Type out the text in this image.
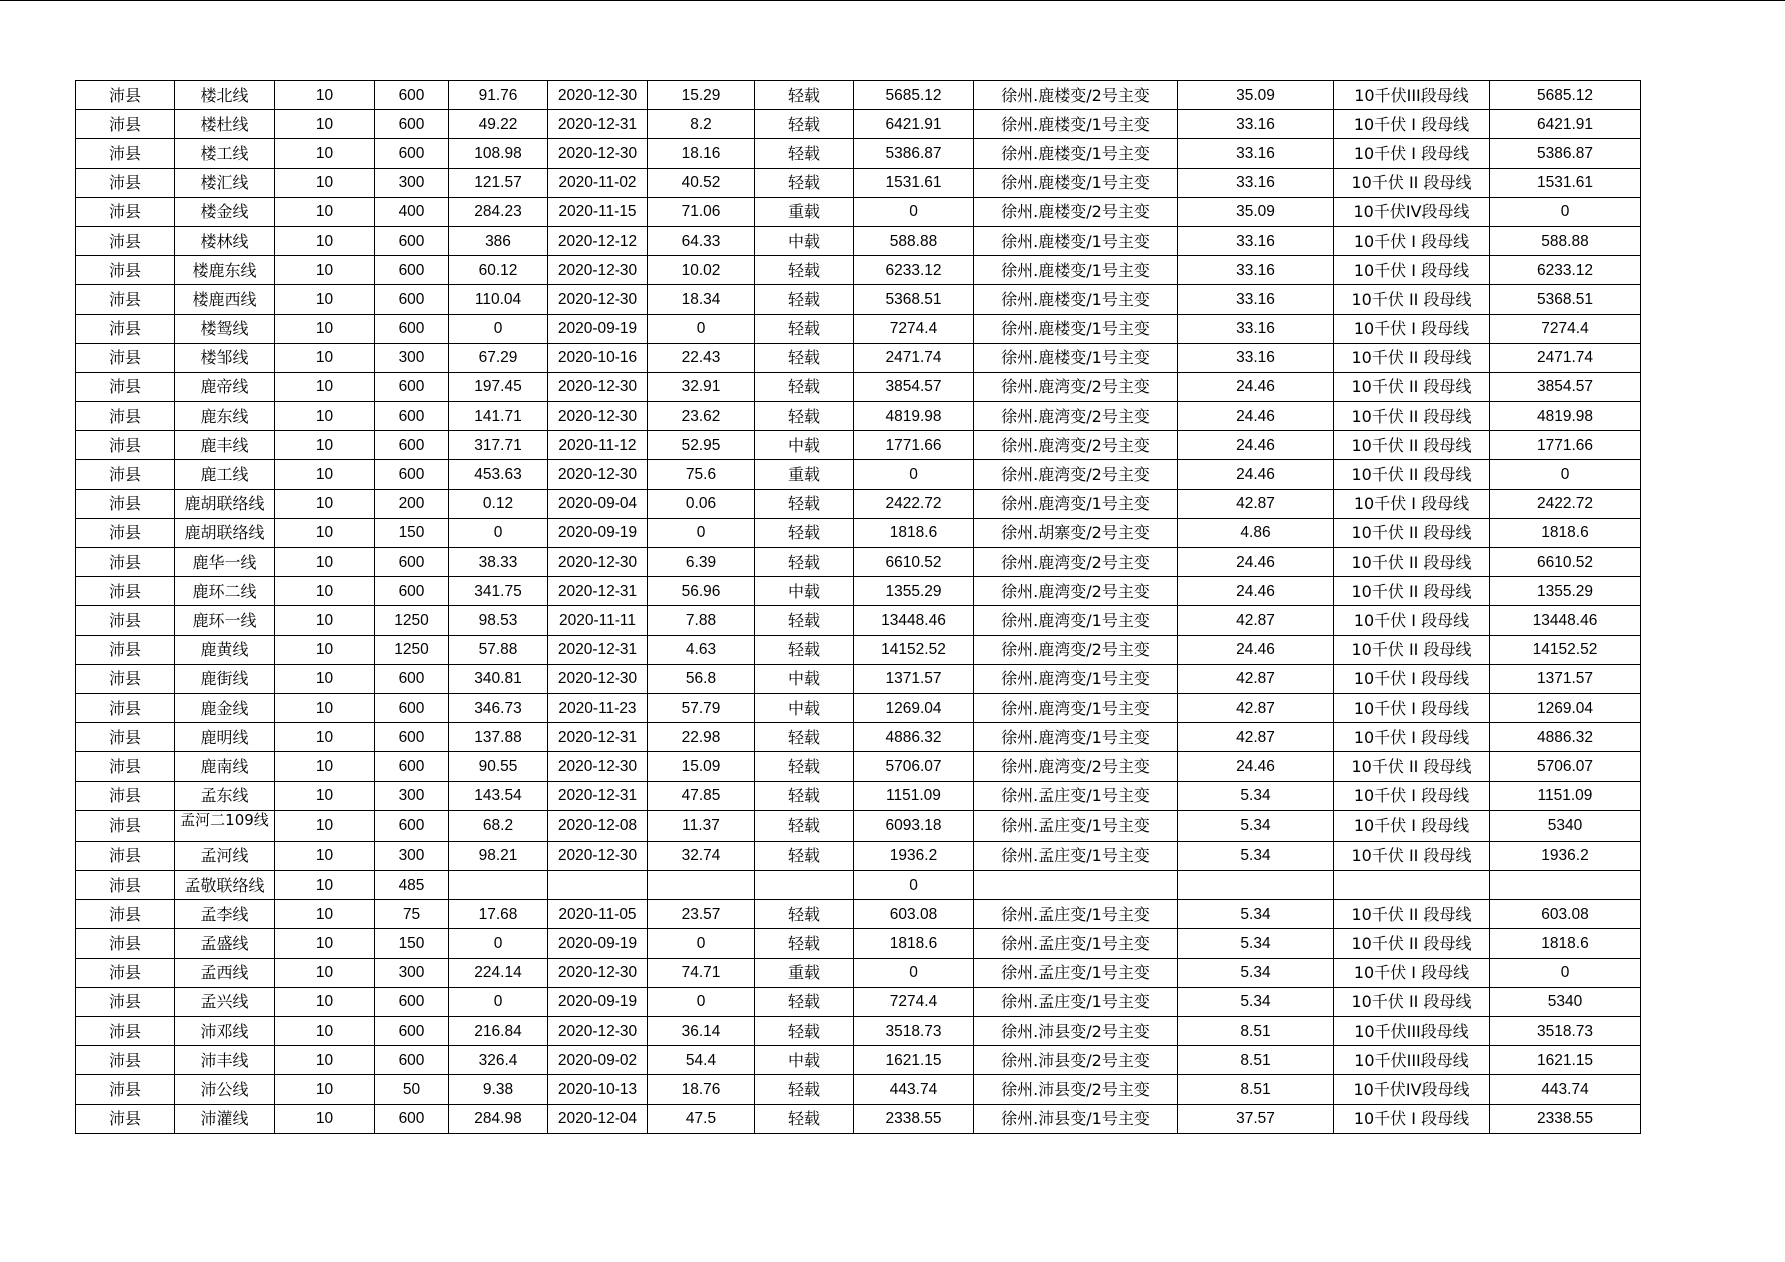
沛县	楼北线	10	600	91.76	2020-12-30	15.29	轻载	5685.12	徐州.鹿楼变/2号主变	35.09	10千伏III段母线	5685.12
沛县	楼杜线	10	600	49.22	2020-12-31	8.2	轻载	6421.91	徐州.鹿楼变/1号主变	33.16	10千伏 I 段母线	6421.91
沛县	楼工线	10	600	108.98	2020-12-30	18.16	轻载	5386.87	徐州.鹿楼变/1号主变	33.16	10千伏 I 段母线	5386.87
沛县	楼汇线	10	300	121.57	2020-11-02	40.52	轻载	1531.61	徐州.鹿楼变/1号主变	33.16	10千伏 II 段母线	1531.61
沛县	楼金线	10	400	284.23	2020-11-15	71.06	重载	0	徐州.鹿楼变/2号主变	35.09	10千伏IV段母线	0
沛县	楼林线	10	600	386	2020-12-12	64.33	中载	588.88	徐州.鹿楼变/1号主变	33.16	10千伏 I 段母线	588.88
沛县	楼鹿东线	10	600	60.12	2020-12-30	10.02	轻载	6233.12	徐州.鹿楼变/1号主变	33.16	10千伏 I 段母线	6233.12
沛县	楼鹿西线	10	600	110.04	2020-12-30	18.34	轻载	5368.51	徐州.鹿楼变/1号主变	33.16	10千伏 II 段母线	5368.51
沛县	楼鸳线	10	600	0	2020-09-19	0	轻载	7274.4	徐州.鹿楼变/1号主变	33.16	10千伏 I 段母线	7274.4
沛县	楼邹线	10	300	67.29	2020-10-16	22.43	轻载	2471.74	徐州.鹿楼变/1号主变	33.16	10千伏 II 段母线	2471.74
沛县	鹿帝线	10	600	197.45	2020-12-30	32.91	轻载	3854.57	徐州.鹿湾变/2号主变	24.46	10千伏 II 段母线	3854.57
沛县	鹿东线	10	600	141.71	2020-12-30	23.62	轻载	4819.98	徐州.鹿湾变/2号主变	24.46	10千伏 II 段母线	4819.98
沛县	鹿丰线	10	600	317.71	2020-11-12	52.95	中载	1771.66	徐州.鹿湾变/2号主变	24.46	10千伏 II 段母线	1771.66
沛县	鹿工线	10	600	453.63	2020-12-30	75.6	重载	0	徐州.鹿湾变/2号主变	24.46	10千伏 II 段母线	0
沛县	鹿胡联络线	10	200	0.12	2020-09-04	0.06	轻载	2422.72	徐州.鹿湾变/1号主变	42.87	10千伏 I 段母线	2422.72
沛县	鹿胡联络线	10	150	0	2020-09-19	0	轻载	1818.6	徐州.胡寨变/2号主变	4.86	10千伏 II 段母线	1818.6
沛县	鹿华一线	10	600	38.33	2020-12-30	6.39	轻载	6610.52	徐州.鹿湾变/2号主变	24.46	10千伏 II 段母线	6610.52
沛县	鹿环二线	10	600	341.75	2020-12-31	56.96	中载	1355.29	徐州.鹿湾变/2号主变	24.46	10千伏 II 段母线	1355.29
沛县	鹿环一线	10	1250	98.53	2020-11-11	7.88	轻载	13448.46	徐州.鹿湾变/1号主变	42.87	10千伏 I 段母线	13448.46
沛县	鹿黄线	10	1250	57.88	2020-12-31	4.63	轻载	14152.52	徐州.鹿湾变/2号主变	24.46	10千伏 II 段母线	14152.52
沛县	鹿街线	10	600	340.81	2020-12-30	56.8	中载	1371.57	徐州.鹿湾变/1号主变	42.87	10千伏 I 段母线	1371.57
沛县	鹿金线	10	600	346.73	2020-11-23	57.79	中载	1269.04	徐州.鹿湾变/1号主变	42.87	10千伏 I 段母线	1269.04
沛县	鹿明线	10	600	137.88	2020-12-31	22.98	轻载	4886.32	徐州.鹿湾变/1号主变	42.87	10千伏 I 段母线	4886.32
沛县	鹿南线	10	600	90.55	2020-12-30	15.09	轻载	5706.07	徐州.鹿湾变/2号主变	24.46	10千伏 II 段母线	5706.07
沛县	孟东线	10	300	143.54	2020-12-31	47.85	轻载	1151.09	徐州.孟庄变/1号主变	5.34	10千伏 I 段母线	1151.09
沛县	孟河二109线	10	600	68.2	2020-12-08	11.37	轻载	6093.18	徐州.孟庄变/1号主变	5.34	10千伏 I 段母线	5340
沛县	孟河线	10	300	98.21	2020-12-30	32.74	轻载	1936.2	徐州.孟庄变/1号主变	5.34	10千伏 II 段母线	1936.2
沛县	孟敬联络线	10	485					0				
沛县	孟李线	10	75	17.68	2020-11-05	23.57	轻载	603.08	徐州.孟庄变/1号主变	5.34	10千伏 II 段母线	603.08
沛县	孟盛线	10	150	0	2020-09-19	0	轻载	1818.6	徐州.孟庄变/1号主变	5.34	10千伏 II 段母线	1818.6
沛县	孟西线	10	300	224.14	2020-12-30	74.71	重载	0	徐州.孟庄变/1号主变	5.34	10千伏 I 段母线	0
沛县	孟兴线	10	600	0	2020-09-19	0	轻载	7274.4	徐州.孟庄变/1号主变	5.34	10千伏 II 段母线	5340
沛县	沛邓线	10	600	216.84	2020-12-30	36.14	轻载	3518.73	徐州.沛县变/2号主变	8.51	10千伏III段母线	3518.73
沛县	沛丰线	10	600	326.4	2020-09-02	54.4	中载	1621.15	徐州.沛县变/2号主变	8.51	10千伏III段母线	1621.15
沛县	沛公线	10	50	9.38	2020-10-13	18.76	轻载	443.74	徐州.沛县变/2号主变	8.51	10千伏IV段母线	443.74
沛县	沛灌线	10	600	284.98	2020-12-04	47.5	轻载	2338.55	徐州.沛县变/1号主变	37.57	10千伏 I 段母线	2338.55
